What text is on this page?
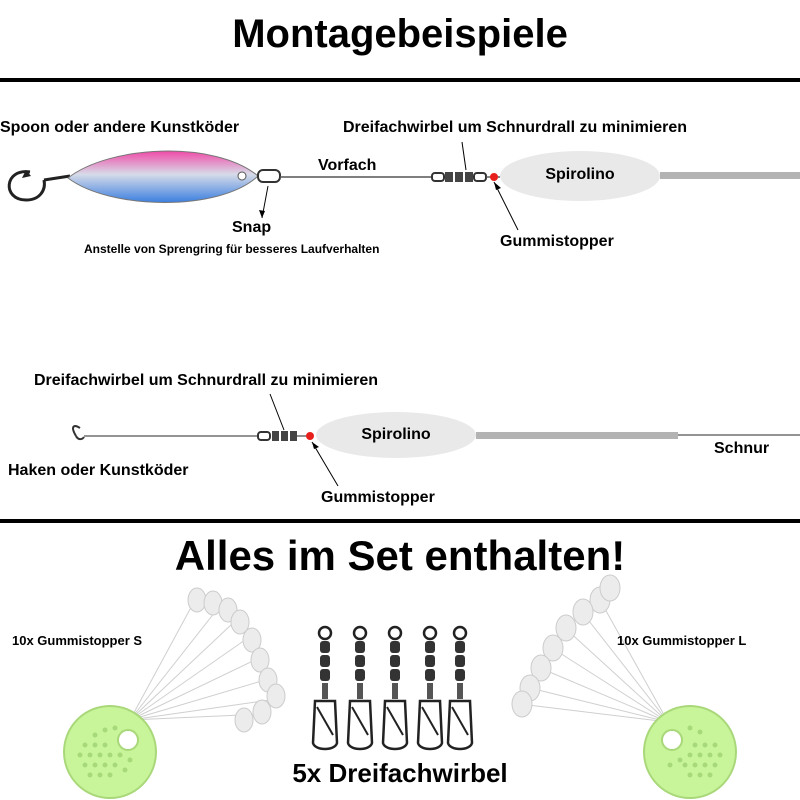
Montagebeispiele
Spoon oder andere Kunstköder	Dreifachwirbel um Schnurdrall zu minimieren
Vorfach
Spirolino
Snap
Anstelle von Sprengring für besseres Laufverhalten	Gummistopper
Dreifachwirbel um Schnurdrall zu minimieren
Spirolino
Haken oder Kunstköder
Schnur
Gummistopper
Alles im Set enthalten!
10x Gummistopper S	10x Gummistopper L
5x Dreifachwirbel
